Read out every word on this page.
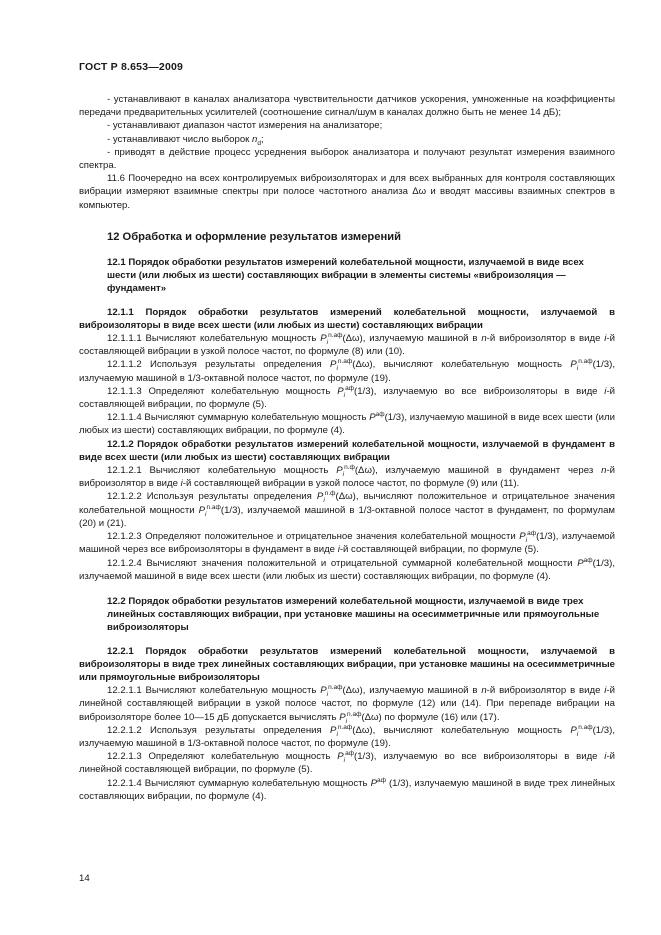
ГОСТ Р 8.653—2009

- устанавливают в каналах анализатора чувствительности датчиков ускорения, умноженные на коэффициенты передачи предварительных усилителей (соотношение сигнал/шум в каналах должно быть не менее 14 дБ);

- устанавливают диапазон частот измерения на анализаторе;

- устанавливают число выборок $n_d$;

- приводят в действие процесс усреднения выборок анализатора и получают результат измерения взаимного спектра.

11.6 Поочередно на всех контролируемых виброизоляторах и для всех выбранных для контроля составляющих вибрации измеряют взаимные спектры при полосе частотного анализа Δω и вводят массивы взаимных спектров в компьютер.

12 Обработка и оформление результатов измерений

12.1 Порядок обработки результатов измерений колебательной мощности, излучаемой в виде всех шести (или любых из шести) составляющих вибрации в элементы системы «виброизоляция — фундамент»

12.1.1 Порядок обработки результатов измерений колебательной мощности, излучаемой в виброизоляторы в виде всех шести (или любых из шести) составляющих вибрации

12.1.1.1 Вычисляют колебательную мощность $P_i^{n.аф}(\Delta\omega)$, излучаемую машиной в n-й виброизолятор в виде i-й составляющей вибрации в узкой полосе частот, по формуле (8) или (10).

12.1.1.2 Используя результаты определения $P_i^{n.аф}(\Delta\omega)$, вычисляют колебательную мощность $P_i^{n.аф}(1/3)$, излучаемую машиной в 1/3-октавной полосе частот, по формуле (19).

12.1.1.3 Определяют колебательную мощность $P_i^{аф}(1/3)$, излучаемую во все виброизоляторы в виде i-й составляющей вибрации, по формуле (5).

12.1.1.4 Вычисляют суммарную колебательную мощность $P^{аф}(1/3)$, излучаемую машиной в виде всех шести (или любых из шести) составляющих вибрации, по формуле (4).

12.1.2 Порядок обработки результатов измерений колебательной мощности, излучаемой в фундамент в виде всех шести (или любых из шести) составляющих вибрации

12.1.2.1 Вычисляют колебательную мощность $P_i^{n.ф}(\Delta\omega)$, излучаемую машиной в фундамент через n-й виброизолятор в виде i-й составляющей вибрации в узкой полосе частот, по формуле (9) или (11).

12.1.2.2 Используя результаты определения $P_i^{n.ф}(\Delta\omega)$, вычисляют положительное и отрицательное значения колебательной мощности $P_i^{n.аф}(1/3)$, излучаемой машиной в 1/3-октавной полосе частот в фундамент, по формулам (20) и (21).

12.1.2.3 Определяют положительное и отрицательное значения колебательной мощности $P_i^{аф}(1/3)$, излучаемой машиной через все виброизоляторы в фундамент в виде i-й составляющей вибрации, по формуле (5).

12.1.2.4 Вычисляют значения положительной и отрицательной суммарной колебательной мощности $P^{аф}(1/3)$, излучаемой машиной в виде всех шести (или любых из шести) составляющих вибрации, по формуле (4).

12.2 Порядок обработки результатов измерений колебательной мощности, излучаемой в виде трех линейных составляющих вибрации, при установке машины на осесимметричные или прямоугольные виброизоляторы

12.2.1 Порядок обработки результатов измерений колебательной мощности, излучаемой в виброизоляторы в виде трех линейных составляющих вибрации, при установке машины на осесимметричные или прямоугольные виброизоляторы

12.2.1.1 Вычисляют колебательную мощность $P_i^{n.аф}(\Delta\omega)$, излучаемую машиной в n-й виброизолятор в виде i-й линейной составляющей вибрации в узкой полосе частот, по формуле (12) или (14). При перепаде вибрации на виброизоляторе более 10—15 дБ допускается вычислять $P_i^{n.аф}(\Delta\omega)$ по формуле (16) или (17).

12.2.1.2 Используя результаты определения $P_i^{n.аф}(\Delta\omega)$, вычисляют колебательную мощность $P_i^{n.аф}(1/3)$, излучаемую машиной в 1/3-октавной полосе частот, по формуле (19).

12.2.1.3 Определяют колебательную мощность $P_i^{аф}(1/3)$, излучаемую во все виброизоляторы в виде i-й линейной составляющей вибрации, по формуле (5).

12.2.1.4 Вычисляют суммарную колебательную мощность $P^{аф}$ (1/3), излучаемую машиной в виде трех линейных составляющих вибрации, по формуле (4).

14
